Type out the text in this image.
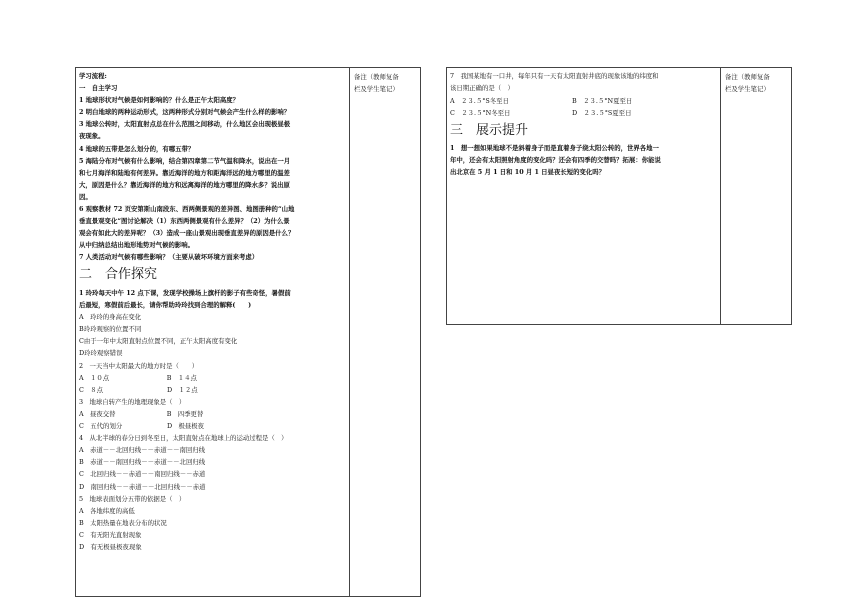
学习流程:
一　自主学习
1 地球形状对气候是如何影响的？什么是正午太阳高度？
2 明白地球的两种运动形式，这两种形式分别对气候会产生什么样的影响？
3 地球公转时，太阳直射点总在什么范围之间移动，什么地区会出现极昼极
夜现象。
4 地球的五带是怎么划分的，有哪五带？
5 海陆分布对气候有什么影响，结合第四章第二节气温和降水，说出在一月
和七月海洋和陆地有何差异。靠近海洋的地方和距海洋远的地方哪里的温差
大，原因是什么？靠近海洋的地方和远离海洋的地方哪里的降水多？说出原
因。
6 观察教材 72 页安第斯山南段东、西两侧景观的差异图、地图册种的“山地
垂直景观变化“图讨论解决（1）东西两侧景观有什么差异？（2）为什么景
观会有如此大的差异呢？（3）造成一座山景观出现垂直差异的原因是什么？
从中归纳总结出地形地势对气候的影响。
7 人类活动对气候有哪些影响？（主要从破坏环境方面来考虑）
二　合作探究
1 玲玲每天中午 12 点下课，发现学校操场上旗杆的影子有些奇怪，暑假前
后最短，寒假前后最长，请你帮助玲玲找到合理的解释(　　)
A　玲玲的身高在变化
B玲玲观察的位置不同
C由于一年中太阳直射点位置不同，正午太阳高度有变化
D玲玲观察错误
2　一天当中太阳最大的地方时是（　　）
A　１０点　　　　　　　　　B　１４点
C　８点　　　　　　　　　　D　１２点
3　地球自转产生的地理现象是（　）
A　昼夜交替　　　　　　　　B　四季更替
C　五代的划分　　　　　　　D　极昼极夜
4　从北半球的春分日到冬至日，太阳直射点在地球上的运动过程是（　）
A　赤道－－北回归线－－赤道－－南回归线
B　赤道－－南回归线－－赤道－－北回归线
C　北回归线－－赤道－－南回归线－－赤道
D　南回归线－－赤道－－北回归线－－赤道
5　地球表面划分五带的依据是（　）
A　各地纬度的高低
B　太阳热量在地表分布的状况
C　有无阳光直射现象
D　有无极昼极夜现象
备注（教师复备
栏及学生笔记）
7　我国某地有一口井，每年只有一天有太阳直射井底的现象该地的纬度和
该日期正确的是（　）
A　２３.５°S冬至日	B　２３.５°N夏至日
C　２３.５°N冬至日	D　２３.５°S夏至日
三　展示提升
1　想一想如果地球不是斜着身子而是直着身子绕太阳公转的，世界各地一
年中，还会有太阳照射角度的变化吗？还会有四季的交替吗？拓展：你能说
出北京在 5 月 1 日和 10 月 1 日昼夜长短的变化吗？
备注（教师复备
栏及学生笔记）
